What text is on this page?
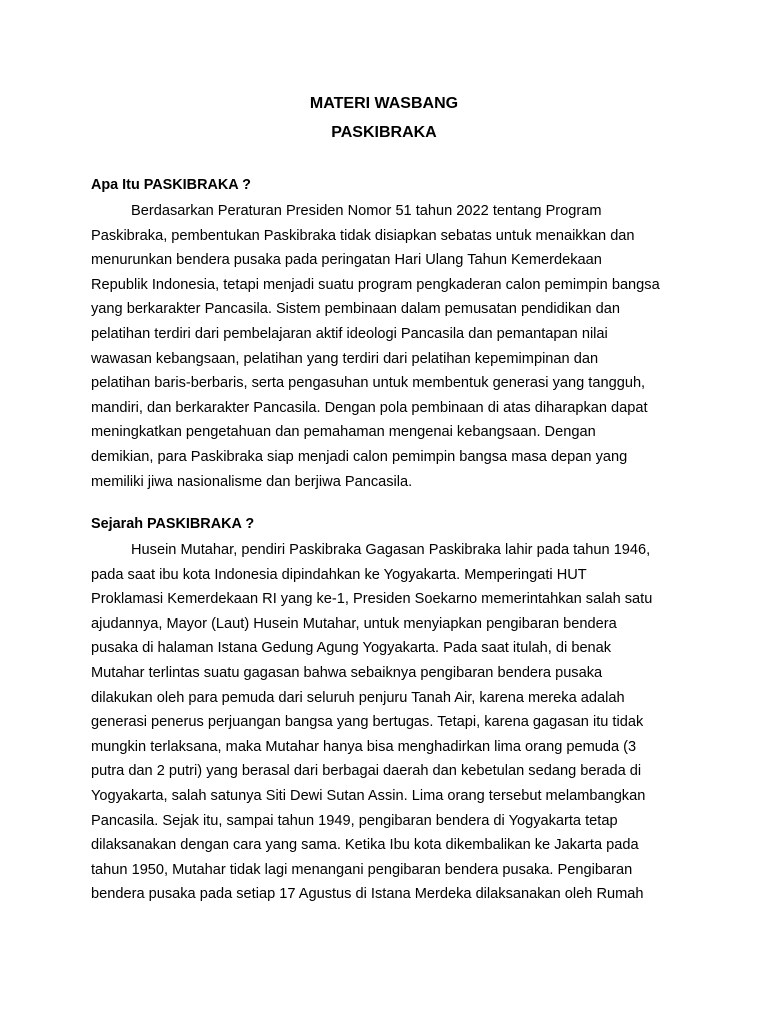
MATERI WASBANG
PASKIBRAKA
Apa Itu PASKIBRAKA ?
Berdasarkan Peraturan Presiden Nomor 51 tahun 2022 tentang Program
Paskibraka, pembentukan Paskibraka tidak disiapkan sebatas untuk menaikkan dan
menurunkan bendera pusaka pada peringatan Hari Ulang Tahun Kemerdekaan
Republik Indonesia, tetapi menjadi suatu program pengkaderan calon pemimpin bangsa
yang berkarakter Pancasila. Sistem pembinaan dalam pemusatan pendidikan dan
pelatihan terdiri dari pembelajaran aktif ideologi Pancasila dan pemantapan nilai
wawasan kebangsaan, pelatihan yang terdiri dari pelatihan kepemimpinan dan
pelatihan baris-berbaris, serta pengasuhan untuk membentuk generasi yang tangguh,
mandiri, dan berkarakter Pancasila. Dengan pola pembinaan di atas diharapkan dapat
meningkatkan pengetahuan dan pemahaman mengenai kebangsaan. Dengan
demikian, para Paskibraka siap menjadi calon pemimpin bangsa masa depan yang
memiliki jiwa nasionalisme dan berjiwa Pancasila.
Sejarah PASKIBRAKA ?
Husein Mutahar, pendiri Paskibraka Gagasan Paskibraka lahir pada tahun 1946,
pada saat ibu kota Indonesia dipindahkan ke Yogyakarta. Memperingati HUT
Proklamasi Kemerdekaan RI yang ke-1, Presiden Soekarno memerintahkan salah satu
ajudannya, Mayor (Laut) Husein Mutahar, untuk menyiapkan pengibaran bendera
pusaka di halaman Istana Gedung Agung Yogyakarta. Pada saat itulah, di benak
Mutahar terlintas suatu gagasan bahwa sebaiknya pengibaran bendera pusaka
dilakukan oleh para pemuda dari seluruh penjuru Tanah Air, karena mereka adalah
generasi penerus perjuangan bangsa yang bertugas. Tetapi, karena gagasan itu tidak
mungkin terlaksana, maka Mutahar hanya bisa menghadirkan lima orang pemuda (3
putra dan 2 putri) yang berasal dari berbagai daerah dan kebetulan sedang berada di
Yogyakarta, salah satunya Siti Dewi Sutan Assin. Lima orang tersebut melambangkan
Pancasila. Sejak itu, sampai tahun 1949, pengibaran bendera di Yogyakarta tetap
dilaksanakan dengan cara yang sama. Ketika Ibu kota dikembalikan ke Jakarta pada
tahun 1950, Mutahar tidak lagi menangani pengibaran bendera pusaka. Pengibaran
bendera pusaka pada setiap 17 Agustus di Istana Merdeka dilaksanakan oleh Rumah
